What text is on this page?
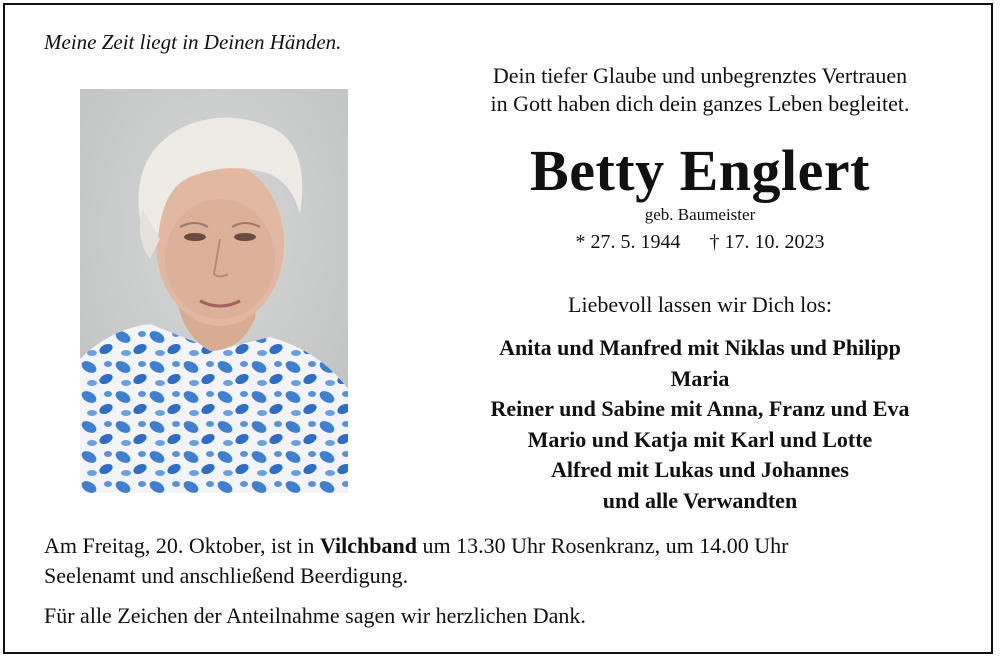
Meine Zeit liegt in Deinen Händen.
Dein tiefer Glaube und unbegrenztes Vertrauen
in Gott haben dich dein ganzes Leben begleitet.
Betty Englert
geb. Baumeister
* 27. 5. 1944 † 17. 10. 2023
Liebevoll lassen wir Dich los:
Anita und Manfred mit Niklas und Philipp
Maria
Reiner und Sabine mit Anna, Franz und Eva
Mario und Katja mit Karl und Lotte
Alfred mit Lukas und Johannes
und alle Verwandten
Am Freitag, 20. Oktober, ist in Vilchband um 13.30 Uhr Rosenkranz, um 14.00 Uhr
Seelenamt und anschließend Beerdigung.
Für alle Zeichen der Anteilnahme sagen wir herzlichen Dank.
